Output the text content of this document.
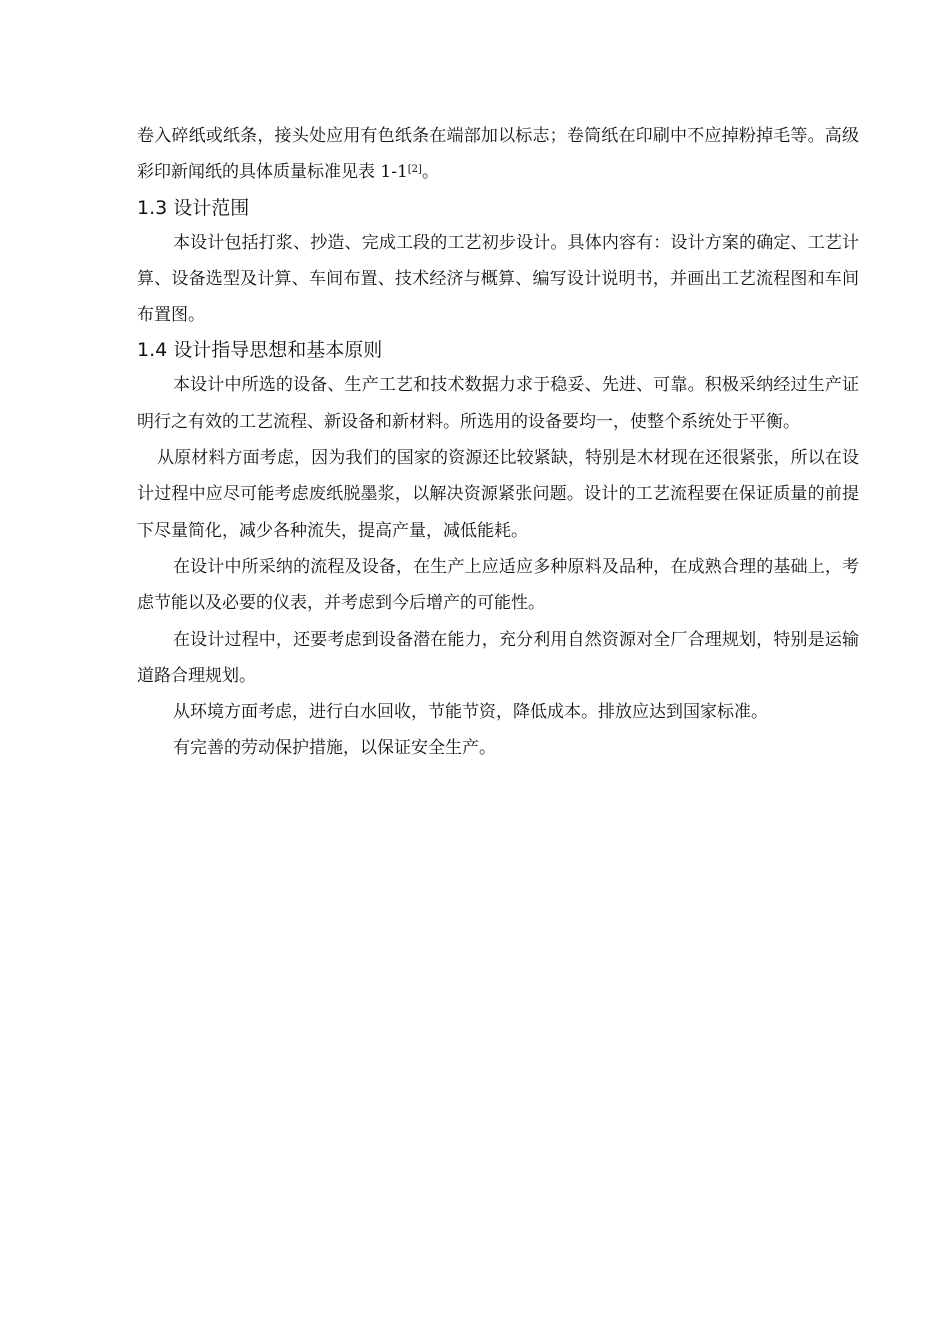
卷入碎纸或纸条，接头处应用有色纸条在端部加以标志；卷筒纸在印刷中不应掉粉掉毛等。高级彩印新闻纸的具体质量标准见表 1-1[2]。

1.3 设计范围

本设计包括打浆、抄造、完成工段的工艺初步设计。具体内容有：设计方案的确定、工艺计算、设备选型及计算、车间布置、技术经济与概算、编写设计说明书，并画出工艺流程图和车间布置图。

1.4 设计指导思想和基本原则

本设计中所选的设备、生产工艺和技术数据力求于稳妥、先进、可靠。积极采纳经过生产证明行之有效的工艺流程、新设备和新材料。所选用的设备要均一，使整个系统处于平衡。

从原材料方面考虑，因为我们的国家的资源还比较紧缺，特别是木材现在还很紧张，所以在设计过程中应尽可能考虑废纸脱墨浆，以解决资源紧张问题。设计的工艺流程要在保证质量的前提下尽量简化，减少各种流失，提高产量，减低能耗。

在设计中所采纳的流程及设备，在生产上应适应多种原料及品种，在成熟合理的基础上，考虑节能以及必要的仪表，并考虑到今后增产的可能性。

在设计过程中，还要考虑到设备潜在能力，充分利用自然资源对全厂合理规划，特别是运输道路合理规划。

从环境方面考虑，进行白水回收，节能节资，降低成本。排放应达到国家标准。

有完善的劳动保护措施，以保证安全生产。
